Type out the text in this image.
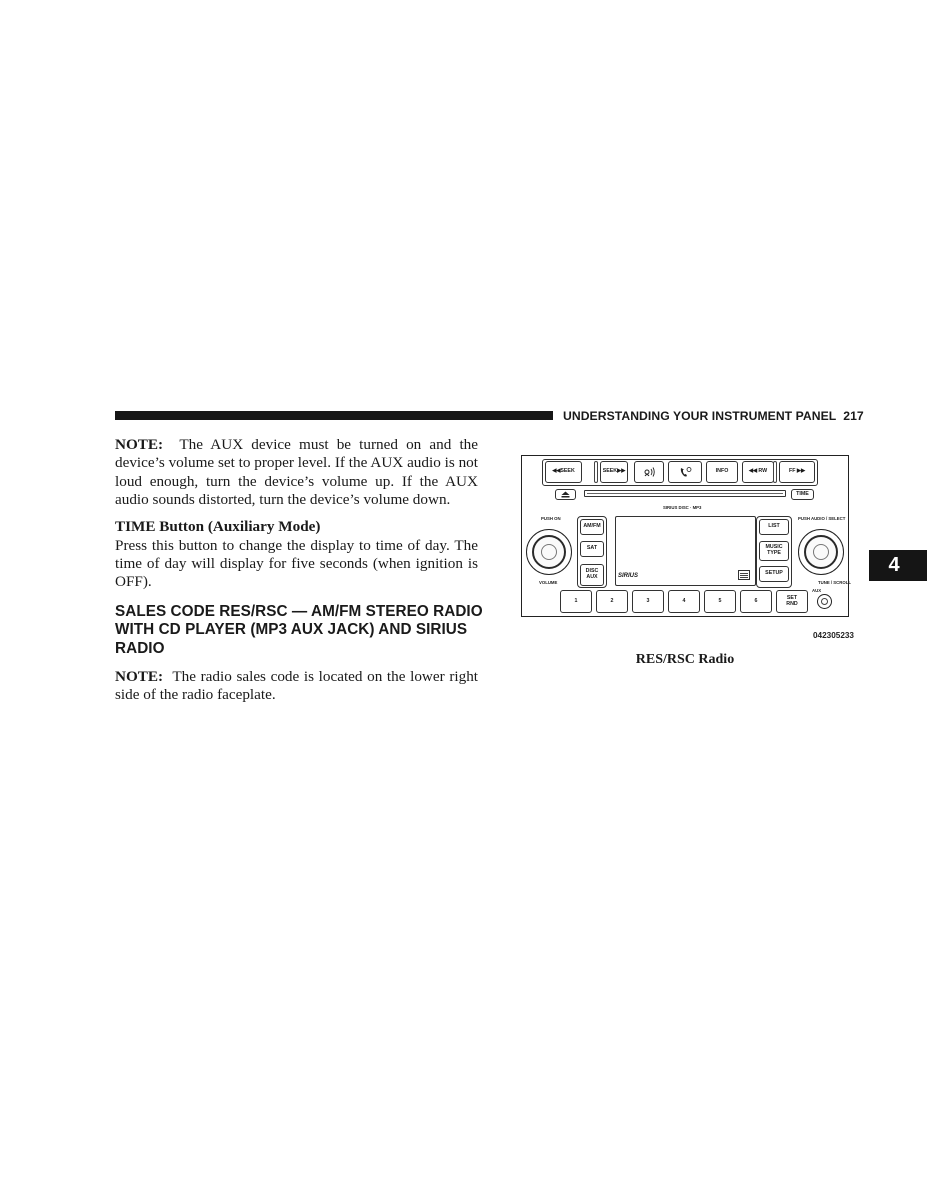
UNDERSTANDING YOUR INSTRUMENT PANEL 217
4
NOTE: The AUX device must be turned on and the device’s volume set to proper level. If the AUX audio is not loud enough, turn the device’s volume up. If the AUX audio sounds distorted, turn the device’s volume down.
TIME Button (Auxiliary Mode)
Press this button to change the display to time of day. The time of day will display for five seconds (when ignition is OFF).
SALES CODE RES/RSC — AM/FM STEREO RADIO WITH CD PLAYER (MP3 AUX JACK) AND SIRIUS RADIO
NOTE: The radio sales code is located on the lower right side of the radio faceplate.
◀◀SEEK	SEEK▶▶	INFO	◀◀ RW	FF ▶▶
TIME
SIRIUS DISC · MP3
PUSH ON
VOLUME
AM/FM
SAT
DISC AUX	SIRIUS
LIST
MUSIC TYPE
SETUP
PUSH AUDIO / SELECT
TUNE / SCROLL
1	2	3	4	5	6	SET RND
AUX
042305233
RES/RSC Radio
